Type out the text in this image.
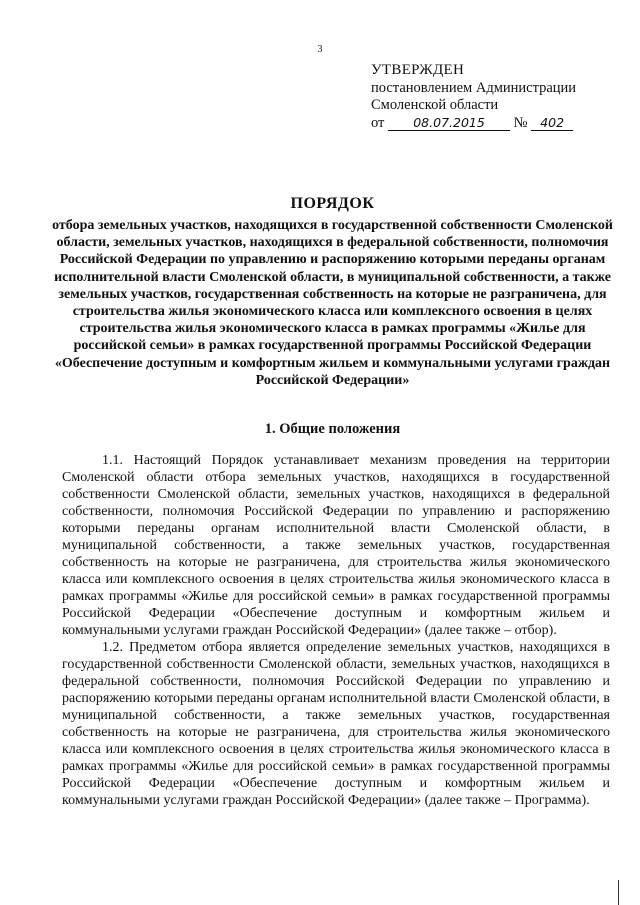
3
УТВЕРЖДЕН
постановлением Администрации
Смоленской области
от 08.07.2015 № 402
ПОРЯДОК
отбора земельных участков, находящихся в государственной собственности Смоленской области, земельных участков, находящихся в федеральной собственности, полномочия Российской Федерации по управлению и распоряжению которыми переданы органам исполнительной власти Смоленской области, в муниципальной собственности, а также земельных участков, государственная собственность на которые не разграничена, для строительства жилья экономического класса или комплексного освоения в целях строительства жилья экономического класса в рамках программы «Жилье для российской семьи» в рамках государственной программы Российской Федерации «Обеспечение доступным и комфортным жильем и коммунальными услугами граждан Российской Федерации»
1. Общие положения

1.1. Настоящий Порядок устанавливает механизм проведения на территории Смоленской области отбора земельных участков, находящихся в государственной собственности Смоленской области, земельных участков, находящихся в федеральной собственности, полномочия Российской Федерации по управлению и распоряжению которыми переданы органам исполнительной власти Смоленской области, в муниципальной собственности, а также земельных участков, государственная собственность на которые не разграничена, для строительства жилья экономического класса или комплексного освоения в целях строительства жилья экономического класса в рамках программы «Жилье для российской семьи» в рамках государственной программы Российской Федерации «Обеспечение доступным и комфортным жильем и коммунальными услугами граждан Российской Федерации» (далее также – отбор).

1.2. Предметом отбора является определение земельных участков, находящихся в государственной собственности Смоленской области, земельных участков, находящихся в федеральной собственности, полномочия Российской Федерации по управлению и распоряжению которыми переданы органам исполнительной власти Смоленской области, в муниципальной собственности, а также земельных участков, государственная собственность на которые не разграничена, для строительства жилья экономического класса или комплексного освоения в целях строительства жилья экономического класса в рамках программы «Жилье для российской семьи» в рамках государственной программы Российской Федерации «Обеспечение доступным и комфортным жильем и коммунальными услугами граждан Российской Федерации» (далее также – Программа).
